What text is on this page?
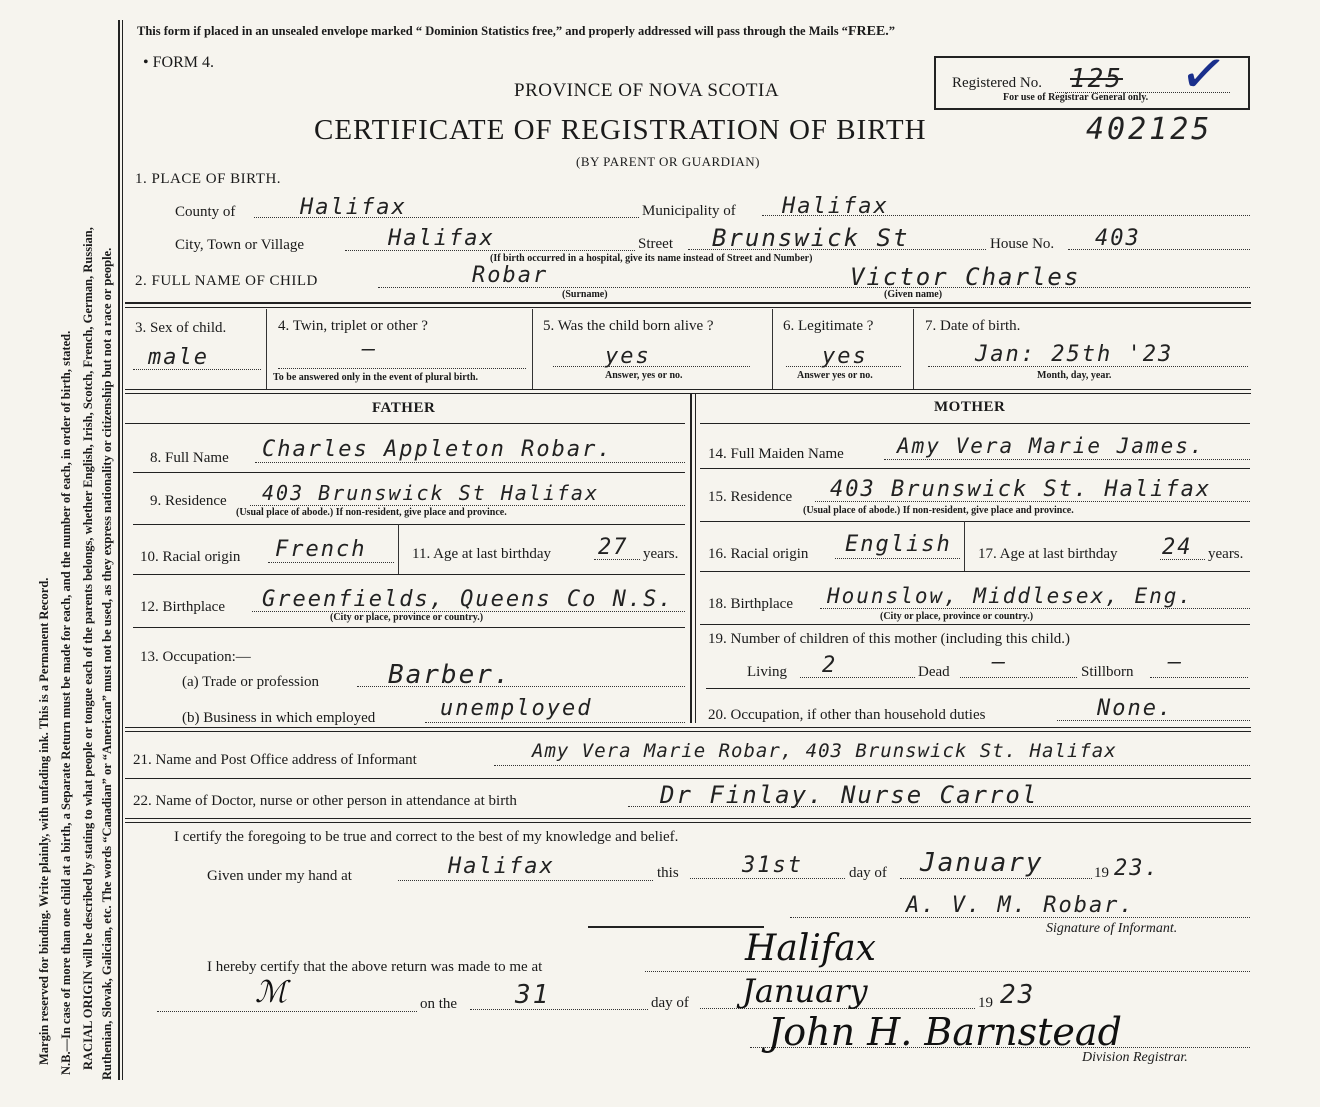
Margin reserved for binding. Write plainly, with unfading ink. This is a Permanent Record. N.B.—In case of more than one child at a birth, a Separate Return must be made for each, and the number of each, in order of birth, stated. RACIAL ORIGIN will be described by stating to what people or tongue each of the parents belongs, whether English, Irish, Scotch, French, German, Russian, Ruthenian, Slovak, Galician, etc. The words “Canadian” or “American” must not be used, as they express nationality or citizenship but not a race or people.
This form if placed in an unsealed envelope marked “ Dominion Statistics free,” and properly addressed will pass through the Mails “FREE.”
• FORM 4.
PROVINCE OF NOVA SCOTIA
CERTIFICATE OF REGISTRATION OF BIRTH	402125
(BY PARENT OR GUARDIAN)
Registered No. 125
For use of Registrar General only. ✓
1. PLACE OF BIRTH.
County of	Halifax	Municipality of Halifax
City, Town or Village	Halifax	Street Brunswick St	House No. 403
(If birth occurred in a hospital, give its name instead of Street and Number)
2. FULL NAME OF CHILD	Robar
(Surname)
Victor Charles
(Given name)
3. Sex of child.
male
4. Twin, triplet or other ?
—
To be answered only in the event of plural birth.
5. Was the child born alive ?
yes
Answer, yes or no.
6. Legitimate ?
yes
Answer yes or no.
7. Date of birth.
Jan: 25th '23
Month, day, year.
FATHER	MOTHER
8. Full Name Charles Appleton Robar.
9. Residence 403 Brunswick St Halifax
(Usual place of abode.) If non-resident, give place and province.
10. Racial origin French	11. Age at last birthday 27 years.
12. Birthplace Greenfields, Queens Co N.S.
(City or place, province or country.)
13. Occupation:—
(a) Trade or profession	Barber.
(b) Business in which employed	unemployed
14. Full Maiden Name	Amy Vera Marie James.
15. Residence 403 Brunswick St. Halifax
(Usual place of abode.) If non-resident, give place and province.
16. Racial origin English 17. Age at last birthday 24 years.
18. Birthplace Hounslow, Middlesex, Eng.
(City or place, province or country.)
19. Number of children of this mother (including this child.)
Living 2	Dead —	Stillborn —
20. Occupation, if other than household duties	None.
21. Name and Post Office address of Informant	Amy Vera Marie Robar, 403 Brunswick St. Halifax
22. Name of Doctor, nurse or other person in attendance at birth	Dr Finlay. Nurse Carrol
I certify the foregoing to be true and correct to the best of my knowledge and belief.
Given under my hand at	Halifax	this	31st	day of January	19 23.
A. V. M. Robar.
Signature of Informant.
I hereby certify that the above return was made to me at	Halifax
ℳ	on the 31	day of January	19 23
John H. Barnstead
Division Registrar.
